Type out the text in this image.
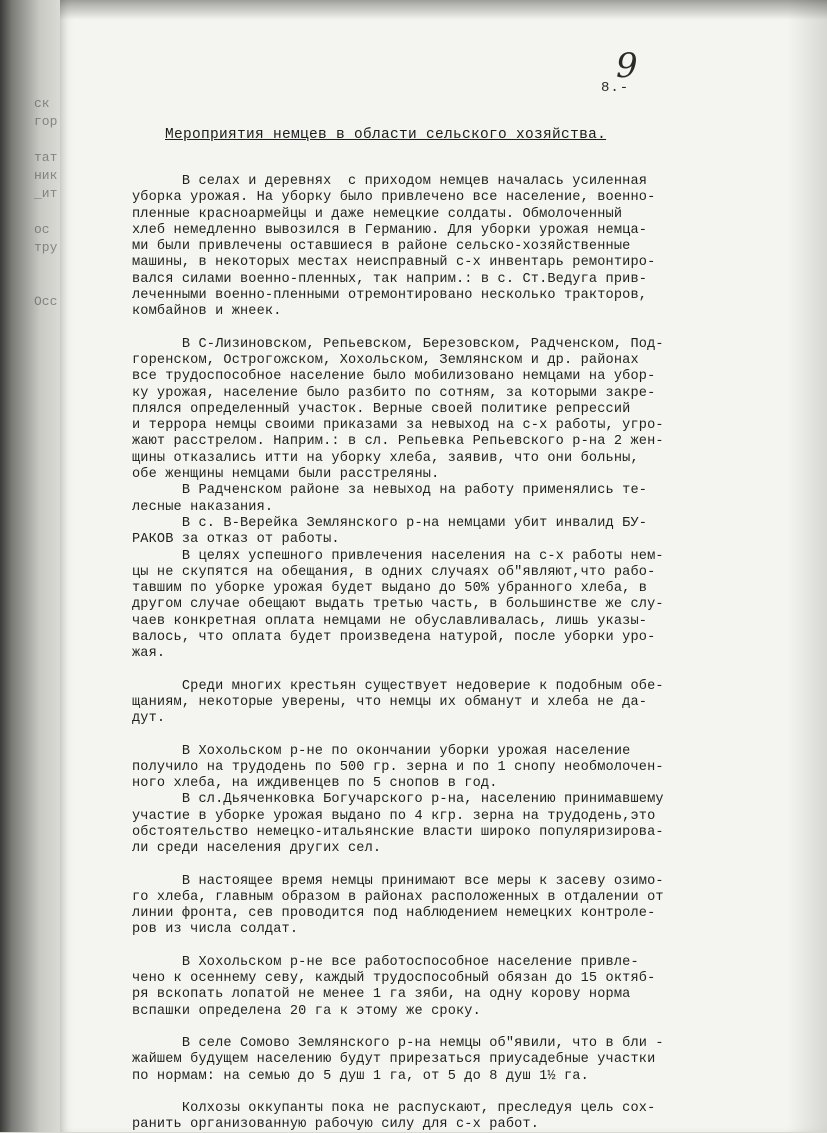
ск
гор

тат
ник
_ит

oc
тру

Осс
9
8.-
Мероприятия немцев в области сельского хозяйства.
В селах и деревнях  с приходом немцев началась усиленная
уборка урожая. На уборку было привлечено все население, военно-
пленные красноармейцы и даже немецкие солдаты. Обмолоченный
хлеб немедленно вывозился в Германию. Для уборки урожая немца-
ми были привлечены оставшиеся в районе сельско-хозяйственные
машины, в некоторых местах неисправный с-х инвентарь ремонтиро-
вался силами военно-пленных, так наприм.: в с. Ст.Ведуга прив-
леченными военно-пленными отремонтировано несколько тракторов,
комбайнов и жнеек.
В С-Лизиновском, Репьевском, Березовском, Радченском, Под-
горенском, Острогожском, Хохольском, Землянском и др. районах
все трудоспособное население было мобилизовано немцами на убор-
ку урожая, население было разбито по сотням, за которыми закре-
плялся определенный участок. Верные своей политике репрессий
и террора немцы своими приказами за невыход на с-х работы, угро-
жают расстрелом. Наприм.: в сл. Репьевка Репьевского р-на 2 жен-
щины отказались итти на уборку хлеба, заявив, что они больны,
обе женщины немцами были расстреляны.
В Радченском районе за невыход на работу применялись те-
лесные наказания.
В с. В-Верейка Землянского р-на немцами убит инвалид БУ-
РАКОВ за отказ от работы.
В целях успешного привлечения населения на с-х работы нем-
цы не скупятся на обещания, в одних случаях об"являют,что рабо-
тавшим по уборке урожая будет выдано до 50% убранного хлеба, в
другом случае обещают выдать третью часть, в большинстве же слу-
чаев конкретная оплата немцами не обуславливалась, лишь указы-
валось, что оплата будет произведена натурой, после уборки уро-
жая.
Среди многих крестьян существует недоверие к подобным обе-
щаниям, некоторые уверены, что немцы их обманут и хлеба не да-
дут.
В Хохольском р-не по окончании уборки урожая население
получило на трудодень по 500 гр. зерна и по 1 снопу необмолочен-
ного хлеба, на иждивенцев по 5 снопов в год.
В сл.Дьяченковка Богучарского р-на, населению принимавшему
участие в уборке урожая выдано по 4 кгр. зерна на трудодень,это
обстоятельство немецко-итальянские власти широко популяризирова-
ли среди населения других сел.
В настоящее время немцы принимают все меры к засеву озимо-
го хлеба, главным образом в районах расположенных в отдалении от
линии фронта, сев проводится под наблюдением немецких контроле-
ров из числа солдат.
В Хохольском р-не все работоспособное население привле-
чено к осеннему севу, каждый трудоспособный обязан до 15 октяб-
ря вскопать лопатой не менее 1 га зяби, на одну корову норма
вспашки определена 20 га к этому же сроку.
В селе Сомово Землянского р-на немцы об"явили, что в бли -
жайшем будущем населению будут прирезаться приусадебные участки
по нормам: на семью до 5 душ 1 га, от 5 до 8 душ 1½ га.
Колхозы оккупанты пока не распускают, преследуя цель сох-
ранить организованную рабочую силу для с-х работ.
